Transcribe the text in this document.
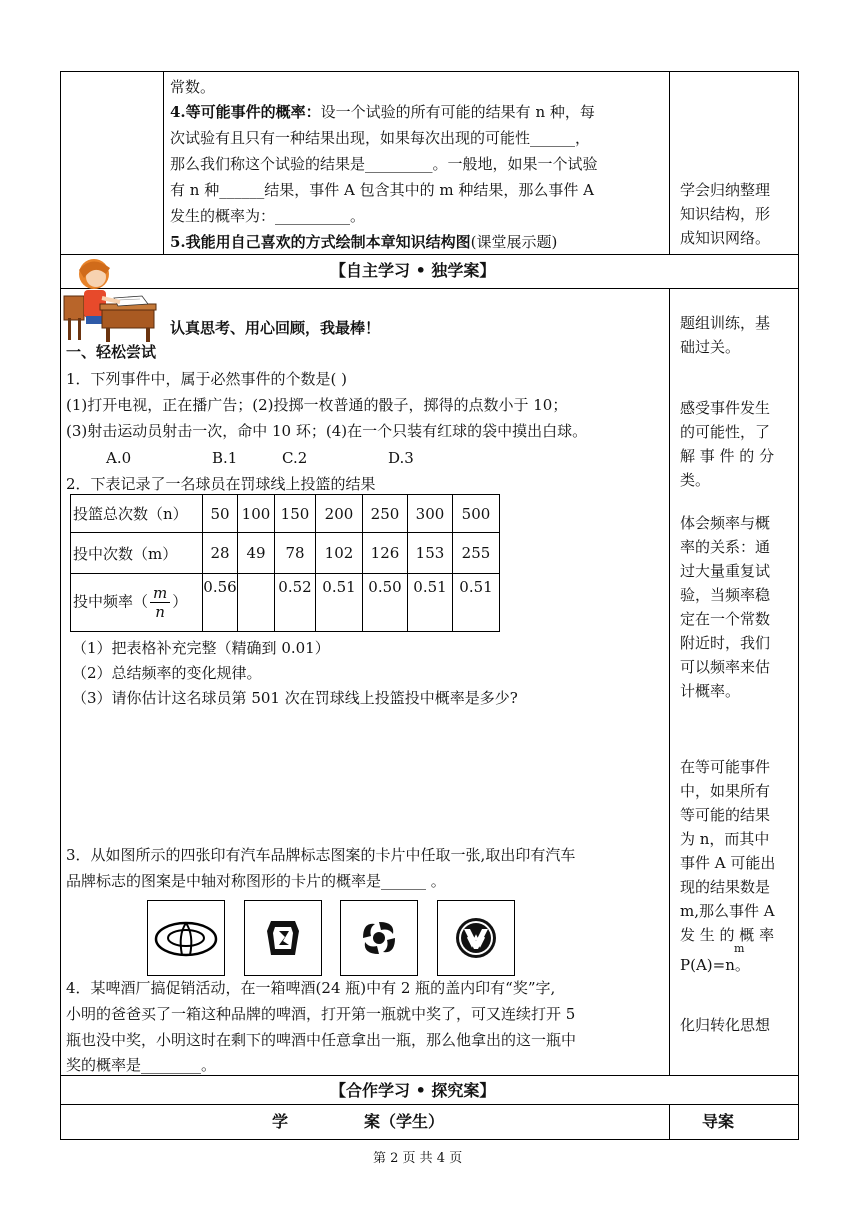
常数。
4.等可能事件的概率：设一个试验的所有可能的结果有 n 种，每
次试验有且只有一种结果出现，如果每次出现的可能性______，
那么我们称这个试验的结果是_________。一般地，如果一个试验
有 n 种______结果，事件 A 包含其中的 m 种结果，那么事件 A
发生的概率为：__________。
5.我能用自己喜欢的方式绘制本章知识结构图(课堂展示题)
学会归纳整理
知识结构，形
成知识网络。
【自主学习 • 独学案】
认真思考、用心回顾，我最棒！
一、轻松尝试
1．下列事件中，属于必然事件的个数是( )
(1)打开电视，正在播广告；(2)投掷一枚普通的骰子，掷得的点数小于 10；
(3)射击运动员射击一次，命中 10 环；(4)在一个只装有红球的袋中摸出白球。
A.0	B.1	C.2	D.3
2．下表记录了一名球员在罚球线上投篮的结果
投篮总次数（n）	50	100	150	200	250	300	500
投中次数（m）	28	49	78	102	126	153	255
投中频率（ $\frac{m}{n}$ ）	0.56		0.52	0.51	0.50	0.51	0.51
（1）把表格补充完整（精确到 0.01）
（2）总结频率的变化规律。
（3）请你估计这名球员第 501 次在罚球线上投篮投中概率是多少?
3．从如图所示的四张印有汽车品牌标志图案的卡片中任取一张,取出印有汽车
品牌标志的图案是中轴对称图形的卡片的概率是______ 。
4．某啤酒厂搞促销活动，在一箱啤酒(24 瓶)中有 2 瓶的盖内印有“奖”字,
小明的爸爸买了一箱这种品牌的啤酒，打开第一瓶就中奖了，可又连续打开 5
瓶也没中奖，小明这时在剩下的啤酒中任意拿出一瓶，那么他拿出的这一瓶中
奖的概率是________。
题组训练，基
础过关。
感受事件发生
的可能性，了
解 事 件 的 分
类。
体会频率与概
率的关系：通
过大量重复试
验，当频率稳
定在一个常数
附近时，我们
可以频率来估
计概率。
在等可能事件
中，如果所有
等可能的结果
为 n，而其中
事件 A 可能出
现的结果数是
m,那么事件 A
发 生 的 概 率
m
P(A)=n。
化归转化思想
【合作学习 • 探究案】
学	案（学生）	导案
第 2 页 共 4 页
